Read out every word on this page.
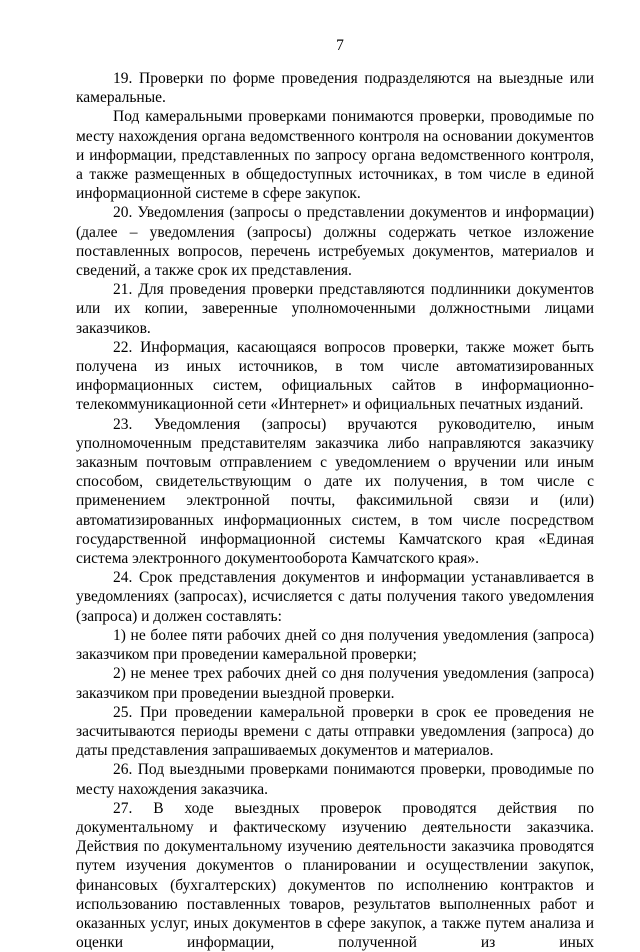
7

19. Проверки по форме проведения подразделяются на выездные или камеральные.

Под камеральными проверками понимаются проверки, проводимые по месту нахождения органа ведомственного контроля на основании документов и информации, представленных по запросу органа ведомственного контроля, а также размещенных в общедоступных источниках, в том числе в единой информационной системе в сфере закупок.

20. Уведомления (запросы о представлении документов и информации) (далее – уведомления (запросы) должны содержать четкое изложение поставленных вопросов, перечень истребуемых документов, материалов и сведений, а также срок их представления.

21. Для проведения проверки представляются подлинники документов или их копии, заверенные уполномоченными должностными лицами заказчиков.

22. Информация, касающаяся вопросов проверки, также может быть получена из иных источников, в том числе автоматизированных информационных систем, официальных сайтов в информационно-телекоммуникационной сети «Интернет» и официальных печатных изданий.

23. Уведомления (запросы) вручаются руководителю, иным уполномоченным представителям заказчика либо направляются заказчику заказным почтовым отправлением с уведомлением о вручении или иным способом, свидетельствующим о дате их получения, в том числе с применением электронной почты, факсимильной связи и (или) автоматизированных информационных систем, в том числе посредством государственной информационной системы Камчатского края «Единая система электронного документооборота Камчатского края».

24. Срок представления документов и информации устанавливается в уведомлениях (запросах), исчисляется с даты получения такого уведомления (запроса) и должен составлять:

1) не более пяти рабочих дней со дня получения уведомления (запроса) заказчиком при проведении камеральной проверки;

2) не менее трех рабочих дней со дня получения уведомления (запроса) заказчиком при проведении выездной проверки.

25. При проведении камеральной проверки в срок ее проведения не засчитываются периоды времени с даты отправки уведомления (запроса) до даты представления запрашиваемых документов и материалов.

26. Под выездными проверками понимаются проверки, проводимые по месту нахождения заказчика.

27. В ходе выездных проверок проводятся действия по документальному и фактическому изучению деятельности заказчика. Действия по документальному изучению деятельности заказчика проводятся путем изучения документов о планировании и осуществлении закупок, финансовых (бухгалтерских) документов по исполнению контрактов и использованию поставленных товаров, результатов выполненных работ и оказанных услуг, иных документов в сфере закупок, а также путем анализа и оценки информации, полученной из иных
